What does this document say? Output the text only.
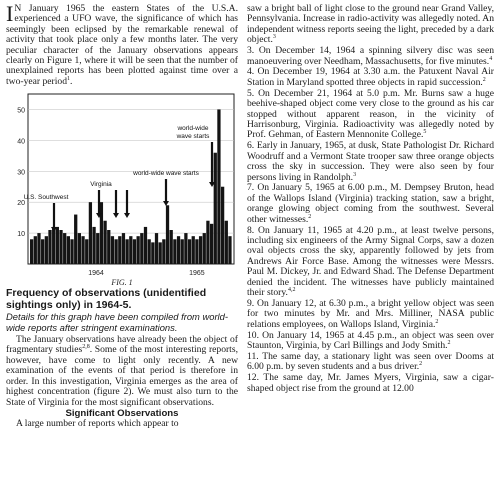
I N January 1965 the eastern States of the U.S.A. experienced a UFO wave, the significance of which has seemingly been eclipsed by the remarkable renewal of activity that took place only a few months later. The very peculiar character of the January observations appears clearly on Figure 1, where it will be seen that the number of unexplained reports has been plotted against time over a two-year period$^1$.

10
20
30
40
50
1964	1965
U.S. Southwest
Virginia
world-wide wave starts
world-wide
wave starts
FIG. 1
Frequency of observations (unidentified sightings only) in 1964-5.
Details for this graph have been compiled from world-wide reports after stringent examinations.

The January observations have already been the object of fragmentary studies$^{2,8}$. Some of the most interesting reports, however, have come to light only recently. A new examination of the events of that period is therefore in order. In this investigation, Virginia emerges as the area of highest concentration (figure 2). We must also turn to the State of Virginia for the most significant observations.

Significant Observations

A large number of reports which appear to

saw a bright ball of light close to the ground near Grand Valley, Pennsylvania. Increase in radio-activity was allegedly noted. An independent witness reports seeing the light, preceded by a dark object.$^3$

3. On December 14, 1964 a spinning silvery disc was seen manoeuvering over Needham, Massachusetts, for five minutes.$^4$

4. On December 19, 1964 at 3.30 a.m. the Patuxent Naval Air Station in Maryland spotted three objects in rapid succession.$^2$

5. On December 21, 1964 at 5.0 p.m. Mr. Burns saw a huge beehive-shaped object come very close to the ground as his car stopped without apparent reason, in the vicinity of Harrisonburg, Virginia. Radioactivity was allegedly noted by Prof. Gehman, of Eastern Mennonite College.$^5$

6. Early in January, 1965, at dusk, State Pathologist Dr. Richard Woodruff and a Vermont State trooper saw three orange objects cross the sky in succession. They were also seen by four persons living in Randolph.$^3$

7. On January 5, 1965 at 6.00 p.m., M. Dempsey Bruton, head of the Wallops Island (Virginia) tracking station, saw a bright, orange glowing object coming from the southwest. Several other witnesses.$^2$

8. On January 11, 1965 at 4.20 p.m., at least twelve persons, including six engineers of the Army Signal Corps, saw a dozen oval objects cross the sky, apparently followed by jets from Andrews Air Force Base. Among the witnesses were Messrs. Paul M. Dickey, Jr. and Edward Shad. The Defense Department denied the incident. The witnesses have publicly maintained their story.$^{4,2}$

9. On January 12, at 6.30 p.m., a bright yellow object was seen for two minutes by Mr. and Mrs. Milliner, NASA public relations employees, on Wallops Island, Virginia.$^2$

10. On January 14, 1965 at 4.45 p.m., an object was seen over Staunton, Virginia, by Carl Billings and Jody Smith.$^2$

11. The same day, a stationary light was seen over Dooms at 6.00 p.m. by seven students and a bus driver.$^2$

12. The same day, Mr. James Myers, Virginia, saw a cigar-shaped object rise from the ground at 12.00
